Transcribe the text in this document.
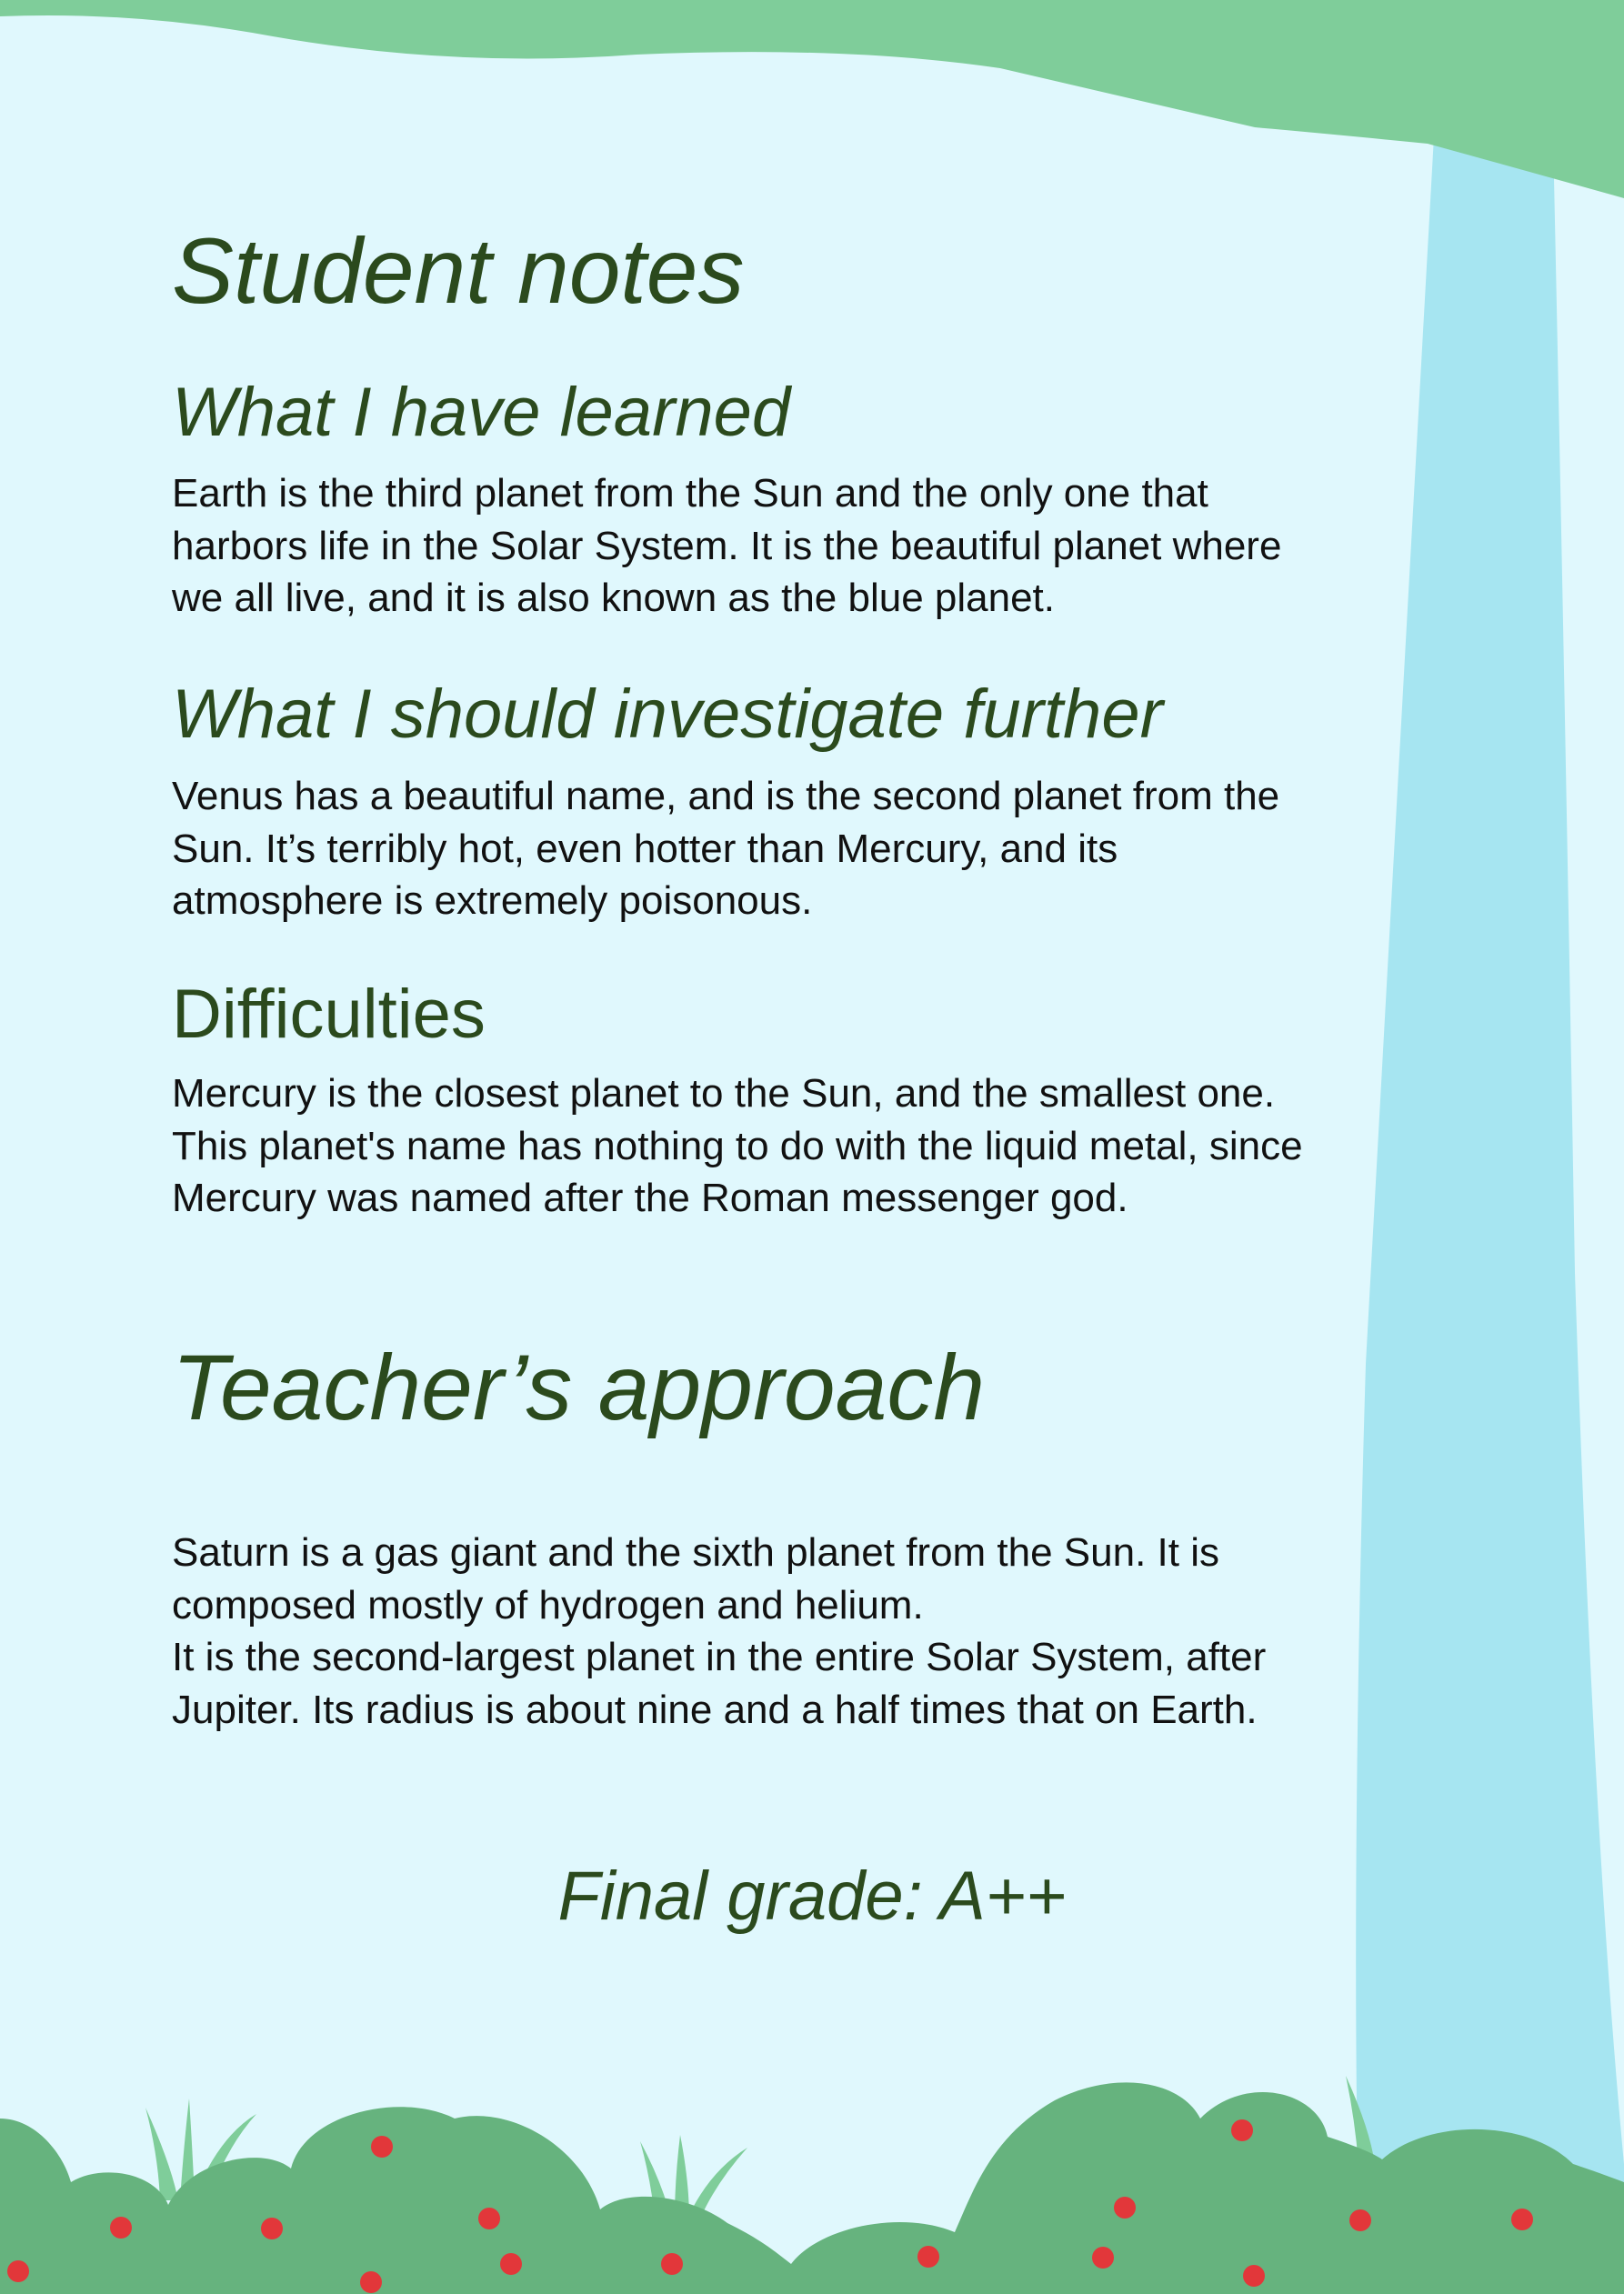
Student notes
What I have learned

Earth is the third planet from the Sun and the only one that
harbors life in the Solar System. It is the beautiful planet where
we all live, and it is also known as the blue planet.

What I should investigate further

Venus has a beautiful name, and is the second planet from the
Sun. It’s terribly hot, even hotter than Mercury, and its
atmosphere is extremely poisonous.

Difficulties

Mercury is the closest planet to the Sun, and the smallest one.
This planet's name has nothing to do with the liquid metal, since
Mercury was named after the Roman messenger god.

Teacher’s approach

Saturn is a gas giant and the sixth planet from the Sun. It is
composed mostly of hydrogen and helium.
It is the second-largest planet in the entire Solar System, after
Jupiter. Its radius is about nine and a half times that on Earth.

Final grade: A++
